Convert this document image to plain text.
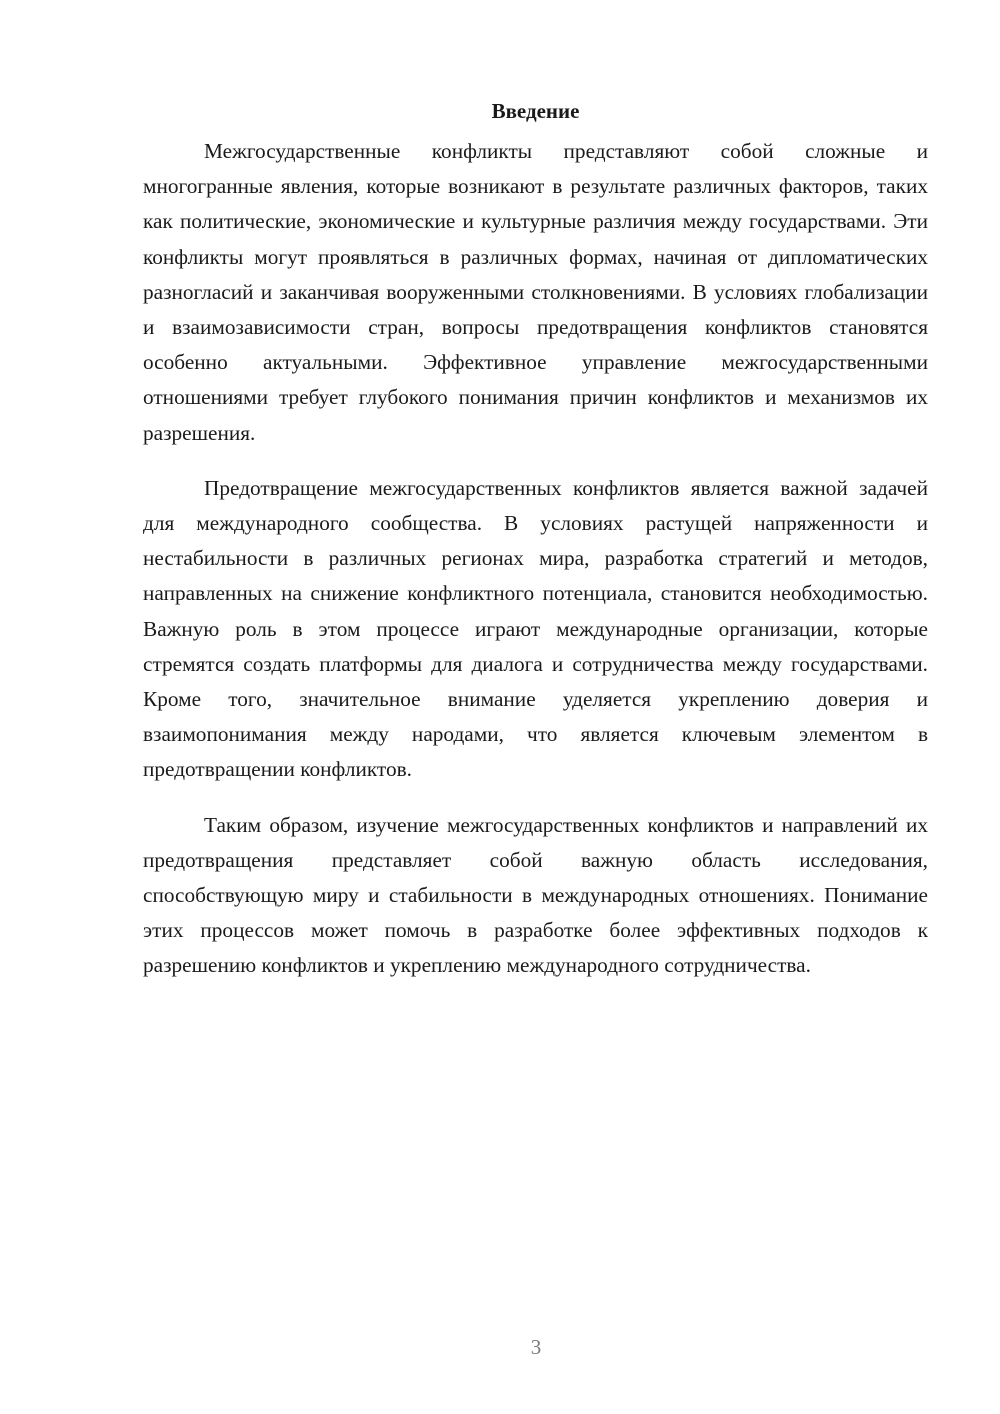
Введение

Межгосударственные конфликты представляют собой сложные и многогранные явления, которые возникают в результате различных факторов, таких как политические, экономические и культурные различия между государствами. Эти конфликты могут проявляться в различных формах, начиная от дипломатических разногласий и заканчивая вооруженными столкновениями. В условиях глобализации и взаимозависимости стран, вопросы предотвращения конфликтов становятся особенно актуальными. Эффективное управление межгосударственными отношениями требует глубокого понимания причин конфликтов и механизмов их разрешения.

Предотвращение межгосударственных конфликтов является важной задачей для международного сообщества. В условиях растущей напряженности и нестабильности в различных регионах мира, разработка стратегий и методов, направленных на снижение конфликтного потенциала, становится необходимостью. Важную роль в этом процессе играют международные организации, которые стремятся создать платформы для диалога и сотрудничества между государствами. Кроме того, значительное внимание уделяется укреплению доверия и взаимопонимания между народами, что является ключевым элементом в предотвращении конфликтов.

Таким образом, изучение межгосударственных конфликтов и направлений их предотвращения представляет собой важную область исследования, способствующую миру и стабильности в международных отношениях. Понимание этих процессов может помочь в разработке более эффективных подходов к разрешению конфликтов и укреплению международного сотрудничества.

3
